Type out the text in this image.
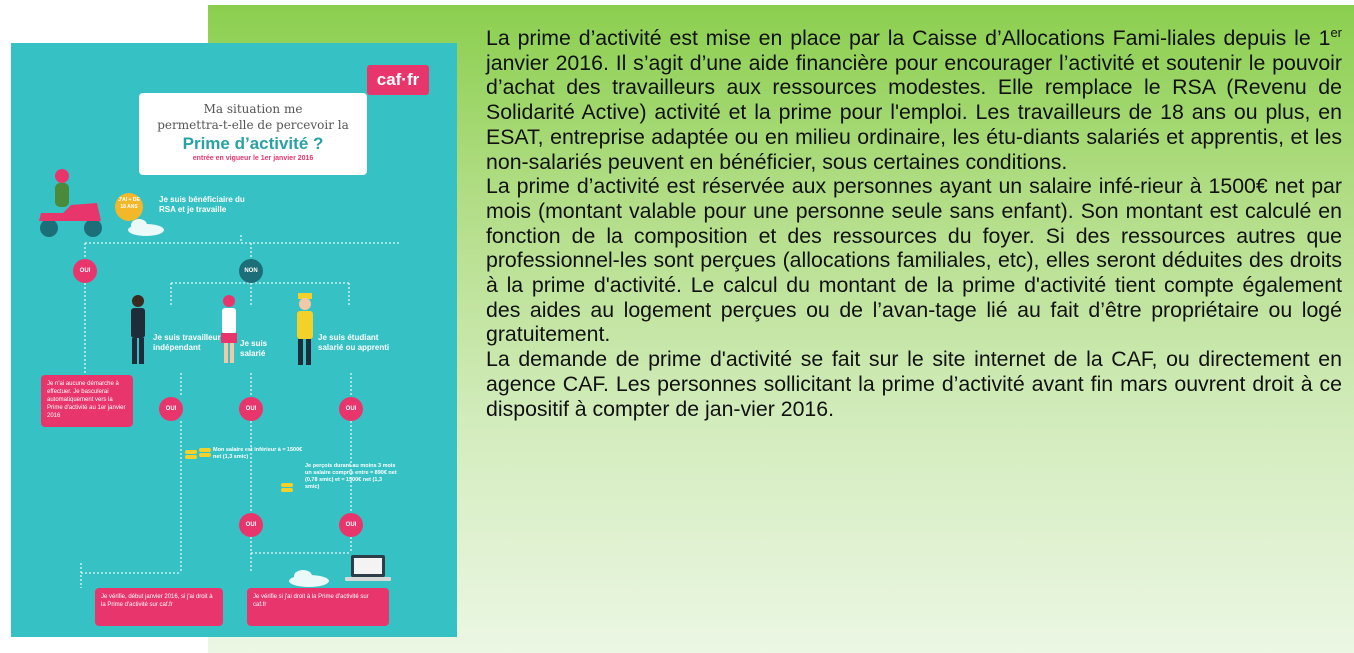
caf·fr
Ma situation me
permettra-t-elle de percevoir la
Prime d’activité ?
entrée en vigueur le 1er janvier 2016
J'AI + DE 18 ANS
Je suis bénéficiaire du RSA et je travaille
OUI	NON
Je suis travailleur indépendant	Je suis salarié
Je suis étudiant salarié ou apprenti
Je n'ai aucune démarche à effectuer. Je basculerai automatiquement vers la Prime d'activité au 1er janvier 2016
OUI	OUI	OUI
Mon salaire est inférieur à ≈ 1500€ net (1,3 smic)
Je perçois durant au moins 3 mois un salaire compris entre ≈ 890€ net (0,78 smic) et ≈ 1500€ net (1,3 smic)
OUI	OUI
Je vérifie, début janvier 2016, si j'ai droit à la Prime d'activité sur caf.fr
Je vérifie si j'ai droit à la Prime d'activité sur caf.fr

La prime d’activité est mise en place par la Caisse d’Allocations Fami-liales depuis le 1er janvier 2016. Il s’agit d’une aide financière pour encourager l’activité et soutenir le pouvoir d’achat des travailleurs aux ressources modestes. Elle remplace le RSA (Revenu de Solidarité Active) activité et la prime pour l'emploi. Les travailleurs de 18 ans ou plus, en ESAT, entreprise adaptée ou en milieu ordinaire, les étu-diants salariés et apprentis, et les non-salariés peuvent en bénéficier, sous certaines conditions.

La prime d’activité est réservée aux personnes ayant un salaire infé-rieur à 1500€ net par mois (montant valable pour une personne seule sans enfant). Son montant est calculé en fonction de la composition et des ressources du foyer. Si des ressources autres que professionnel-les sont perçues (allocations familiales, etc), elles seront déduites des droits à la prime d'activité. Le calcul du montant de la prime d'activité tient compte également des aides au logement perçues ou de l’avan-tage lié au fait d’être propriétaire ou logé gratuitement.

La demande de prime d'activité se fait sur le site internet de la CAF, ou directement en agence CAF. Les personnes sollicitant la prime d’activité avant fin mars ouvrent droit à ce dispositif à compter de jan-vier 2016.
